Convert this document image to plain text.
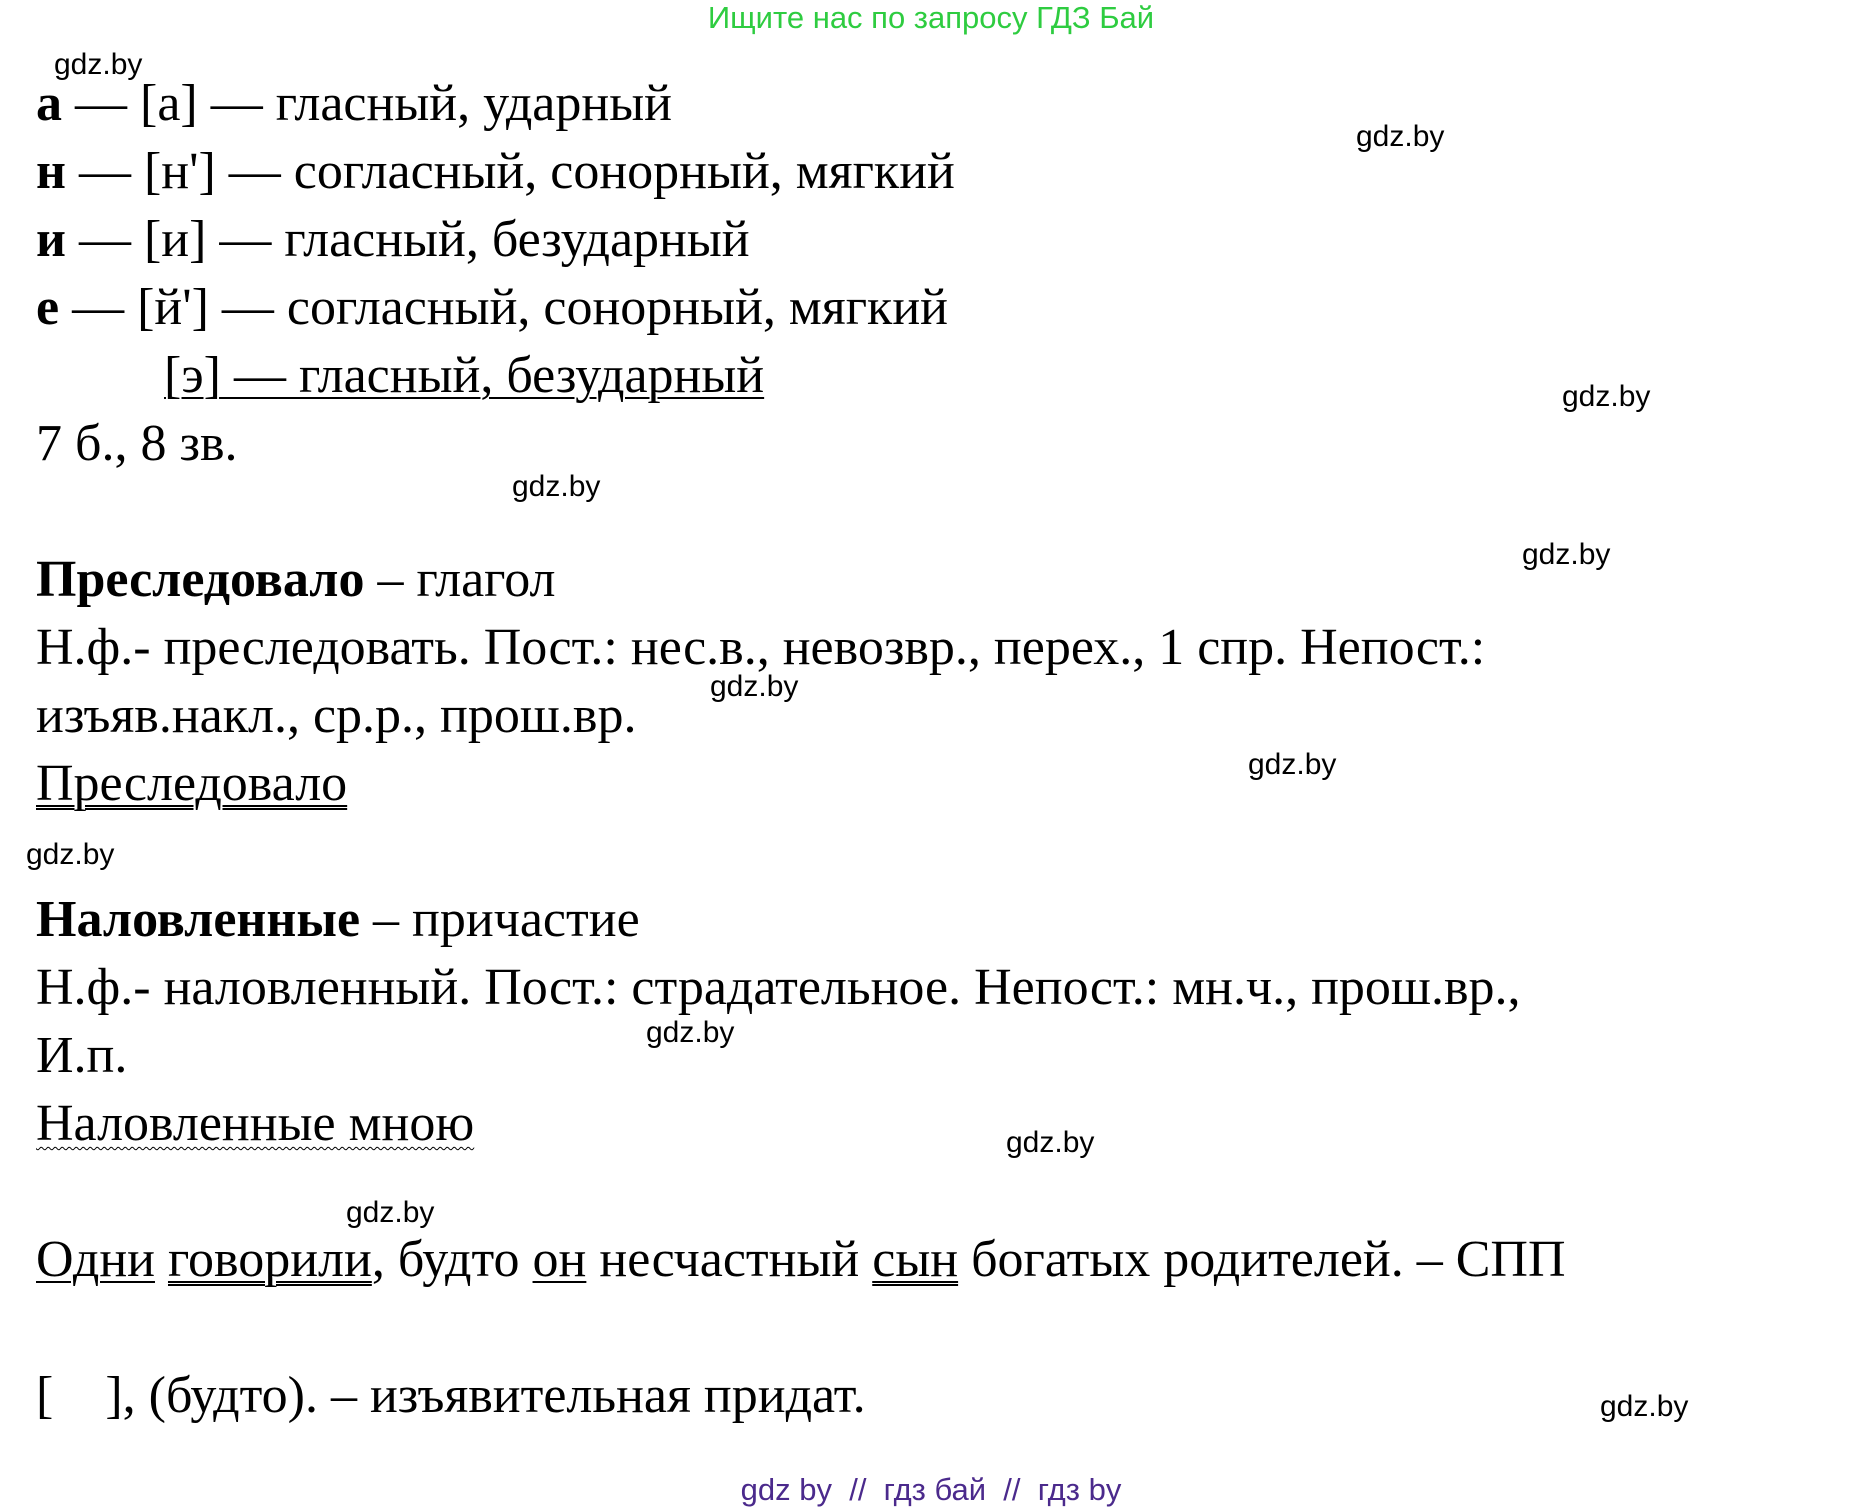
Ищите нас по запросу ГДЗ Бай
gdz.by
gdz.by
gdz.by
gdz.by
gdz.by
gdz.by
gdz.by
gdz.by
gdz.by
gdz.by
gdz.by
gdz.by
а — [а] — гласный, ударный
н — [н'] — согласный, сонорный, мягкий
и — [и] — гласный, безударный
е — [й'] — согласный, сонорный, мягкий
[э] — гласный, безударный
7 б., 8 зв.
Преследовало – глагол
Н.ф.- преследовать. Пост.: нес.в., невозвр., перех., 1 спр. Непост.:
изъяв.накл., ср.р., прош.вр.
Преследовало
Наловленные – причастие
Н.ф.- наловленный. Пост.: страдательное. Непост.: мн.ч., прош.вр.,
И.п.
Наловленные мною
Одни говорили, будто он несчастный сын богатых родителей. – СПП
[    ], (будто). – изъявительная придат.
gdz by  //  гдз бай  //  гдз by
